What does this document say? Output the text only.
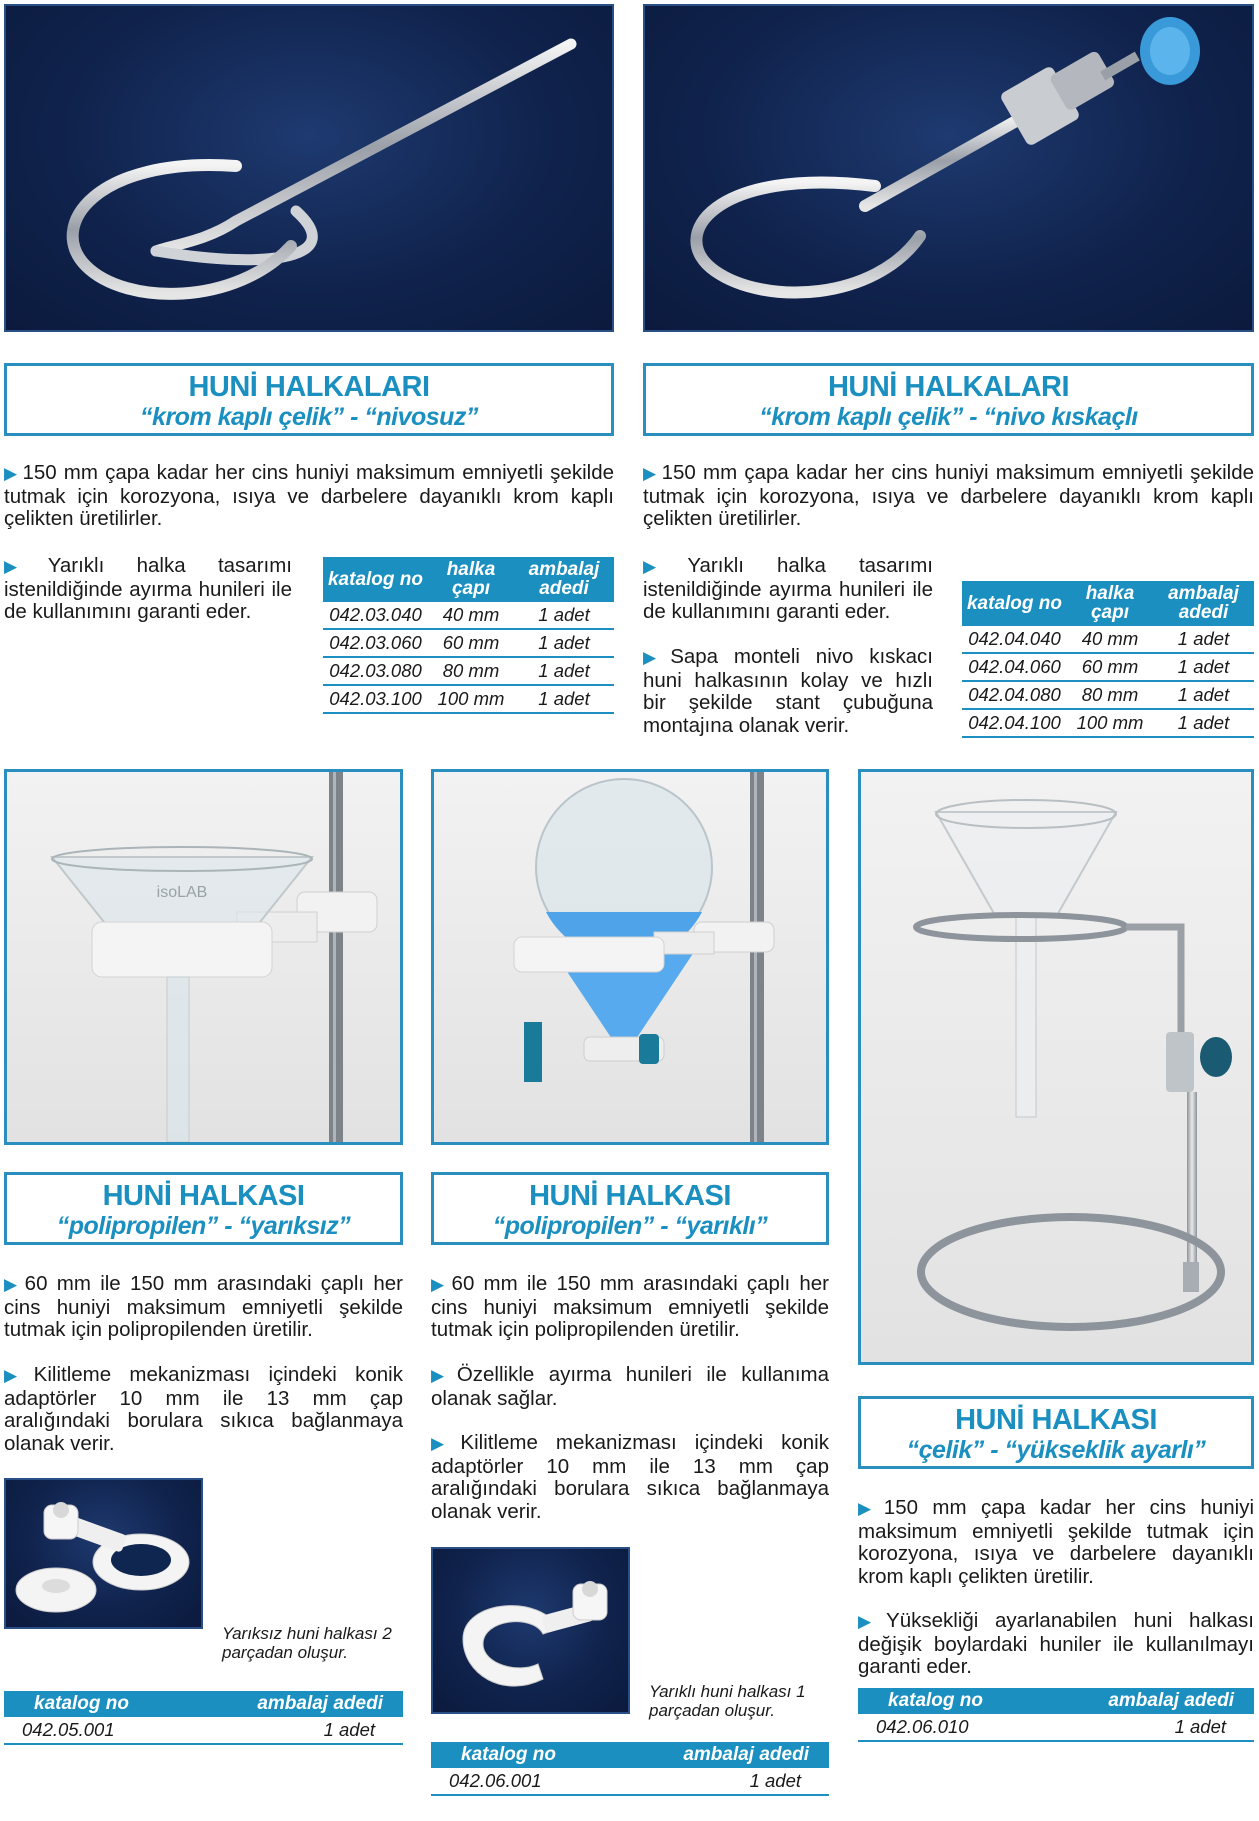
HUNİ HALKALARI
“krom kaplı çelik” - “nivosuz”
HUNİ HALKALARI
“krom kaplı çelik” - “nivo kıskaçlı
▶ 150 mm çapa kadar her cins huniyi maksimum emniyetli şekilde tutmak için korozyona, ısıya ve darbelere dayanıklı krom kaplı çelikten üretilirler.
▶ Yarıklı halka tasarımı istenildiğinde ayırma hunileri ile de kullanımını garanti eder.
katalog no	halka çapı	ambalaj adedi
042.03.040	40 mm	1 adet
042.03.060	60 mm	1 adet
042.03.080	80 mm	1 adet
042.03.100	100 mm	1 adet
▶ 150 mm çapa kadar her cins huniyi maksimum emniyetli şekilde tutmak için korozyona, ısıya ve darbelere dayanıklı krom kaplı çelikten üretilirler.
▶ Yarıklı halka tasarımı istenildiğinde ayırma hunileri ile de kullanımını garanti eder.
▶ Sapa monteli nivo kıskacı huni halkasının kolay ve hızlı bir şekilde stant çubuğuna montajına olanak verir.
katalog no	halka çapı	ambalaj adedi
042.04.040	40 mm	1 adet
042.04.060	60 mm	1 adet
042.04.080	80 mm	1 adet
042.04.100	100 mm	1 adet
isoLAB
HUNİ HALKASI
“polipropilen” - “yarıksız”
HUNİ HALKASI
“polipropilen” - “yarıklı”
HUNİ HALKASI
“çelik” - “yükseklik ayarlı”
▶ 60 mm ile 150 mm arasındaki çaplı her cins huniyi maksimum emniyetli şekilde tutmak için polipropilenden üretilir.
▶ Kilitleme mekanizması içindeki konik adaptörler 10 mm ile 13 mm çap aralığındaki borulara sıkıca bağlanmaya olanak verir.
Yarıksız huni halkası 2 parçadan oluşur.
katalog no	ambalaj adedi
042.05.001	1 adet
▶ 60 mm ile 150 mm arasındaki çaplı her cins huniyi maksimum emniyetli şekilde tutmak için polipropilenden üretilir.
▶ Özellikle ayırma hunileri ile kullanıma olanak sağlar.
▶ Kilitleme mekanizması içindeki konik adaptörler 10 mm ile 13 mm çap aralığındaki borulara sıkıca bağlanmaya olanak verir.
Yarıklı huni halkası 1 parçadan oluşur.
katalog no	ambalaj adedi
042.06.001	1 adet
▶ 150 mm çapa kadar her cins huniyi maksimum emniyetli şekilde tutmak için korozyona, ısıya ve darbelere dayanıklı krom kaplı çelikten üretilir.
▶ Yüksekliği ayarlanabilen huni halkası değişik boylardaki huniler ile kullanılmayı garanti eder.
katalog no	ambalaj adedi
042.06.010	1 adet
